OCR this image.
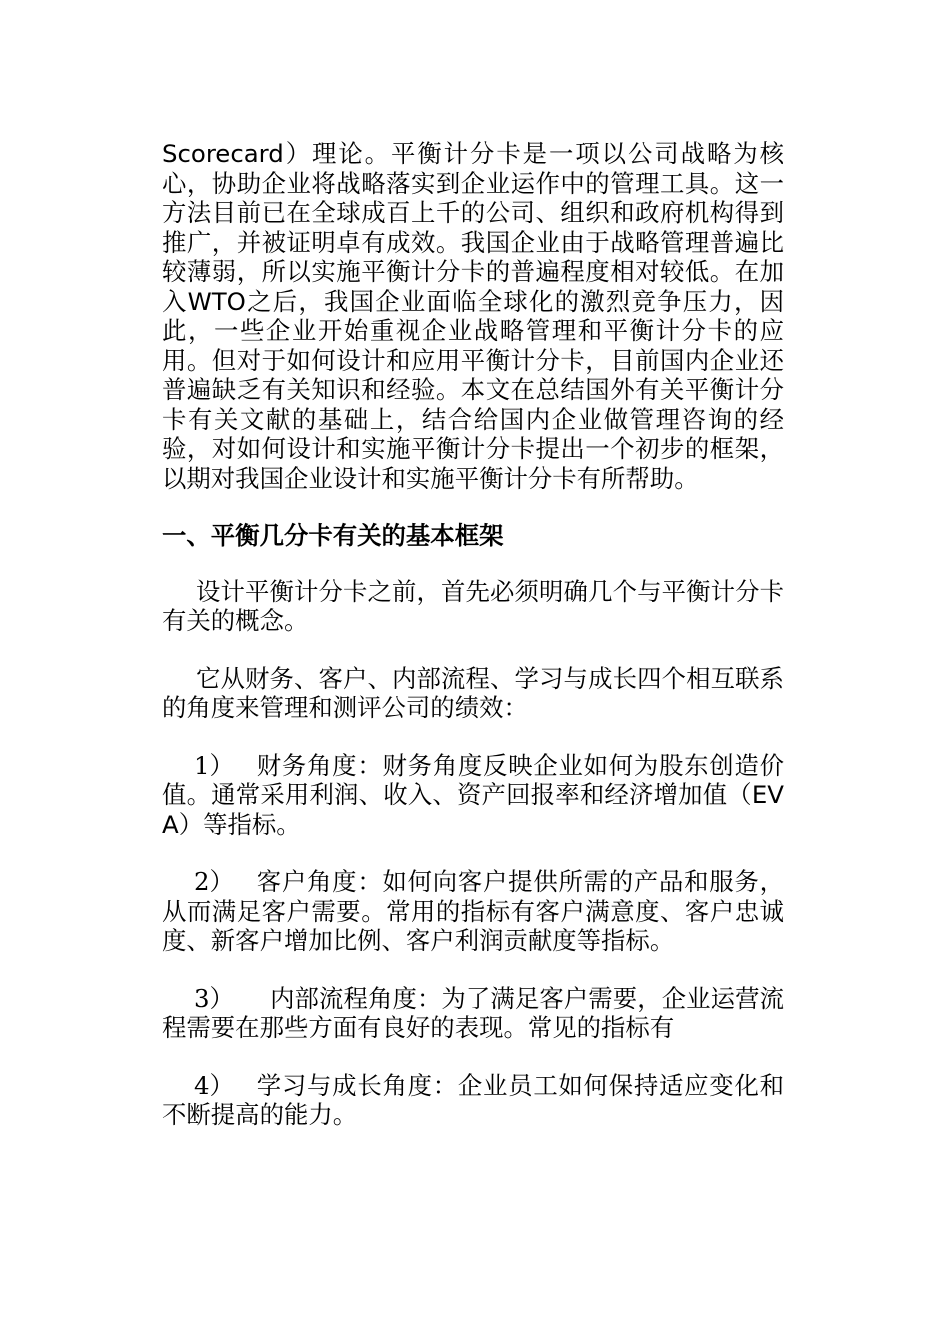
Scorecard）理论。平衡计分卡是一项以公司战略为核心，协助企业将战略落实到企业运作中的管理工具。这一方法目前已在全球成百上千的公司、组织和政府机构得到推广，并被证明卓有成效。我国企业由于战略管理普遍比较薄弱，所以实施平衡计分卡的普遍程度相对较低。在加入WTO之后，我国企业面临全球化的激烈竞争压力，因此，一些企业开始重视企业战略管理和平衡计分卡的应用。但对于如何设计和应用平衡计分卡，目前国内企业还普遍缺乏有关知识和经验。本文在总结国外有关平衡计分卡有关文献的基础上，结合给国内企业做管理咨询的经验，对如何设计和实施平衡计分卡提出一个初步的框架，以期对我国企业设计和实施平衡计分卡有所帮助。

一、平衡几分卡有关的基本框架

设计平衡计分卡之前，首先必须明确几个与平衡计分卡有关的概念。

它从财务、客户、内部流程、学习与成长四个相互联系的角度来管理和测评公司的绩效：

1） 财务角度：财务角度反映企业如何为股东创造价值。通常采用利润、收入、资产回报率和经济增加值（EVA）等指标。

2） 客户角度：如何向客户提供所需的产品和服务，从而满足客户需要。常用的指标有客户满意度、客户忠诚度、新客户增加比例、客户利润贡献度等指标。

3） 内部流程角度：为了满足客户需要，企业运营流程需要在那些方面有良好的表现。常见的指标有

4） 学习与成长角度：企业员工如何保持适应变化和不断提高的能力。
